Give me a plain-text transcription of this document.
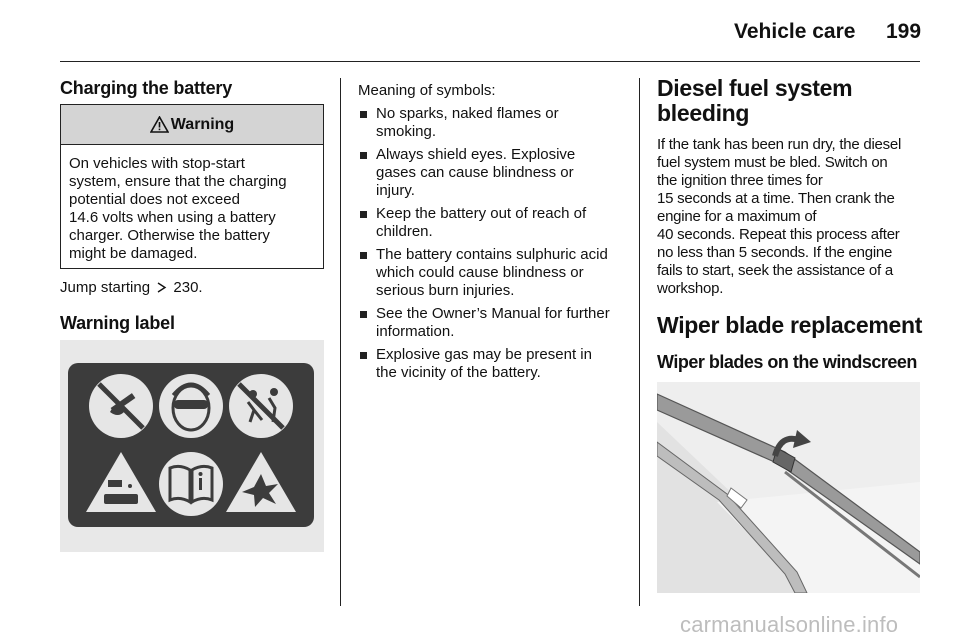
Vehicle care 199
Charging the battery
Warning
On vehicles with stop-start
system, ensure that the charging
potential does not exceed
14.6 volts when using a battery
charger. Otherwise the battery
might be damaged.
Jump starting 230.
Warning label
Meaning of symbols:
No sparks, naked flames or
smoking.
Always shield eyes. Explosive
gases can cause blindness or
injury.
Keep the battery out of reach of
children.
The battery contains sulphuric acid
which could cause blindness or
serious burn injuries.
See the Owner’s Manual for further
information.
Explosive gas may be present in
the vicinity of the battery.
Diesel fuel system
bleeding
If the tank has been run dry, the diesel
fuel system must be bled. Switch on
the ignition three times for
15 seconds at a time. Then crank the
engine for a maximum of
40 seconds. Repeat this process after
no less than 5 seconds. If the engine
fails to start, seek the assistance of a
workshop.
Wiper blade replacement
Wiper blades on the windscreen
carmanualsonline.info
